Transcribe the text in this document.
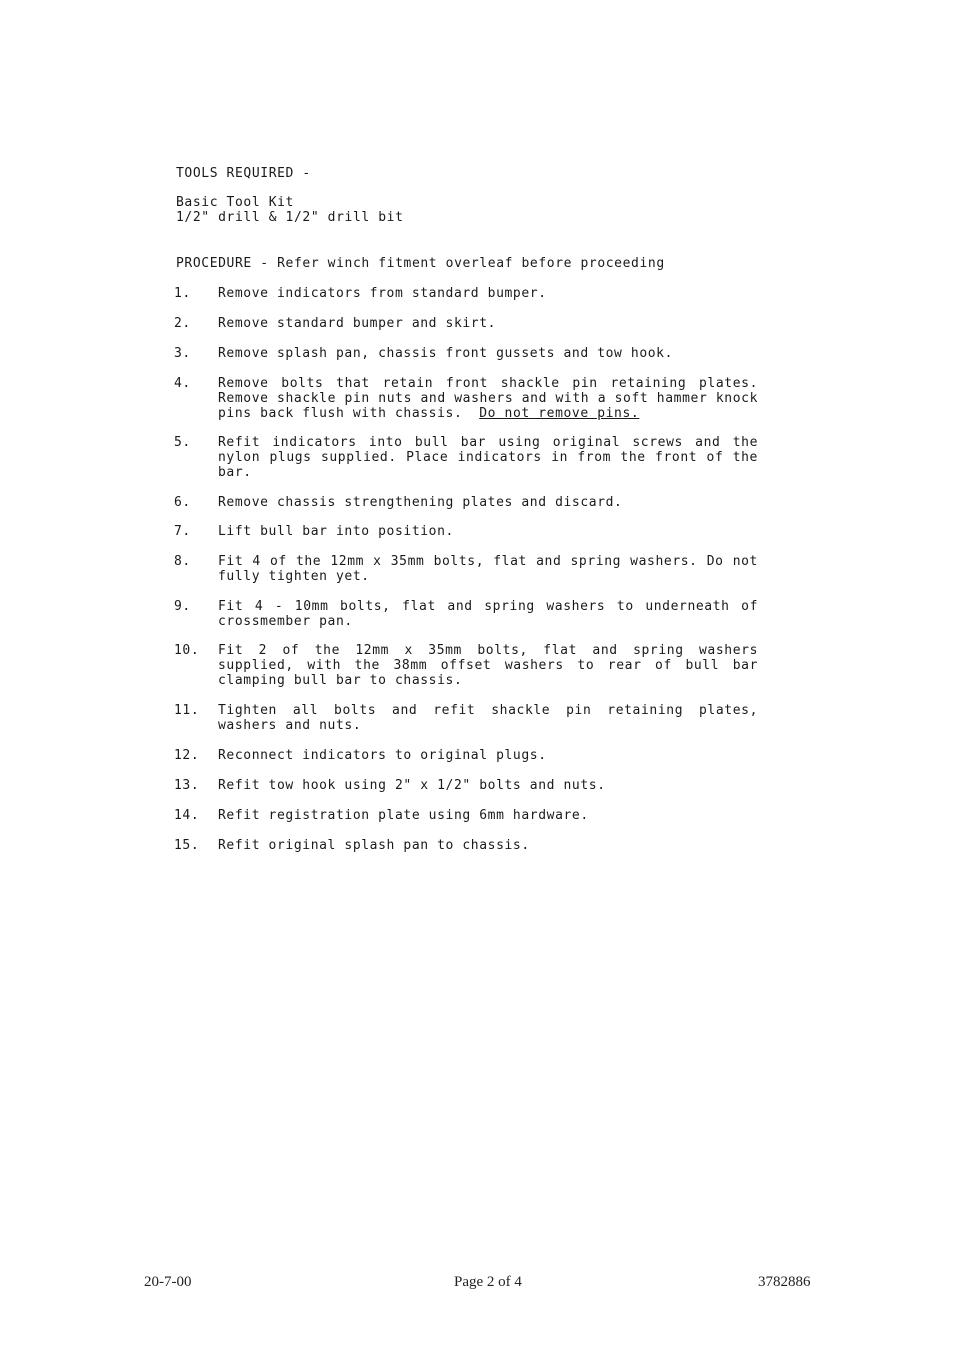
TOOLS REQUIRED -
Basic Tool Kit
1/2" drill & 1/2" drill bit
PROCEDURE - Refer winch fitment overleaf before proceeding
1. Remove indicators from standard bumper.
2. Remove standard bumper and skirt.
3. Remove splash pan, chassis front gussets and tow hook.
4. Remove bolts that retain front shackle pin retaining plates. Remove shackle pin nuts and washers and with a soft hammer knock pins back flush with chassis. Do not remove pins.
5. Refit indicators into bull bar using original screws and the nylon plugs supplied. Place indicators in from the front of the bar.
6. Remove chassis strengthening plates and discard.
7. Lift bull bar into position.
8. Fit 4 of the 12mm x 35mm bolts, flat and spring washers. Do not fully tighten yet.
9. Fit 4 - 10mm bolts, flat and spring washers to underneath of crossmember pan.
10. Fit 2 of the 12mm x 35mm bolts, flat and spring washers supplied, with the 38mm offset washers to rear of bull bar clamping bull bar to chassis.
11. Tighten all bolts and refit shackle pin retaining plates, washers and nuts.
12. Reconnect indicators to original plugs.
13. Refit tow hook using 2" x 1/2" bolts and nuts.
14. Refit registration plate using 6mm hardware.
15. Refit original splash pan to chassis.
20-7-00	Page 2 of 4	3782886
